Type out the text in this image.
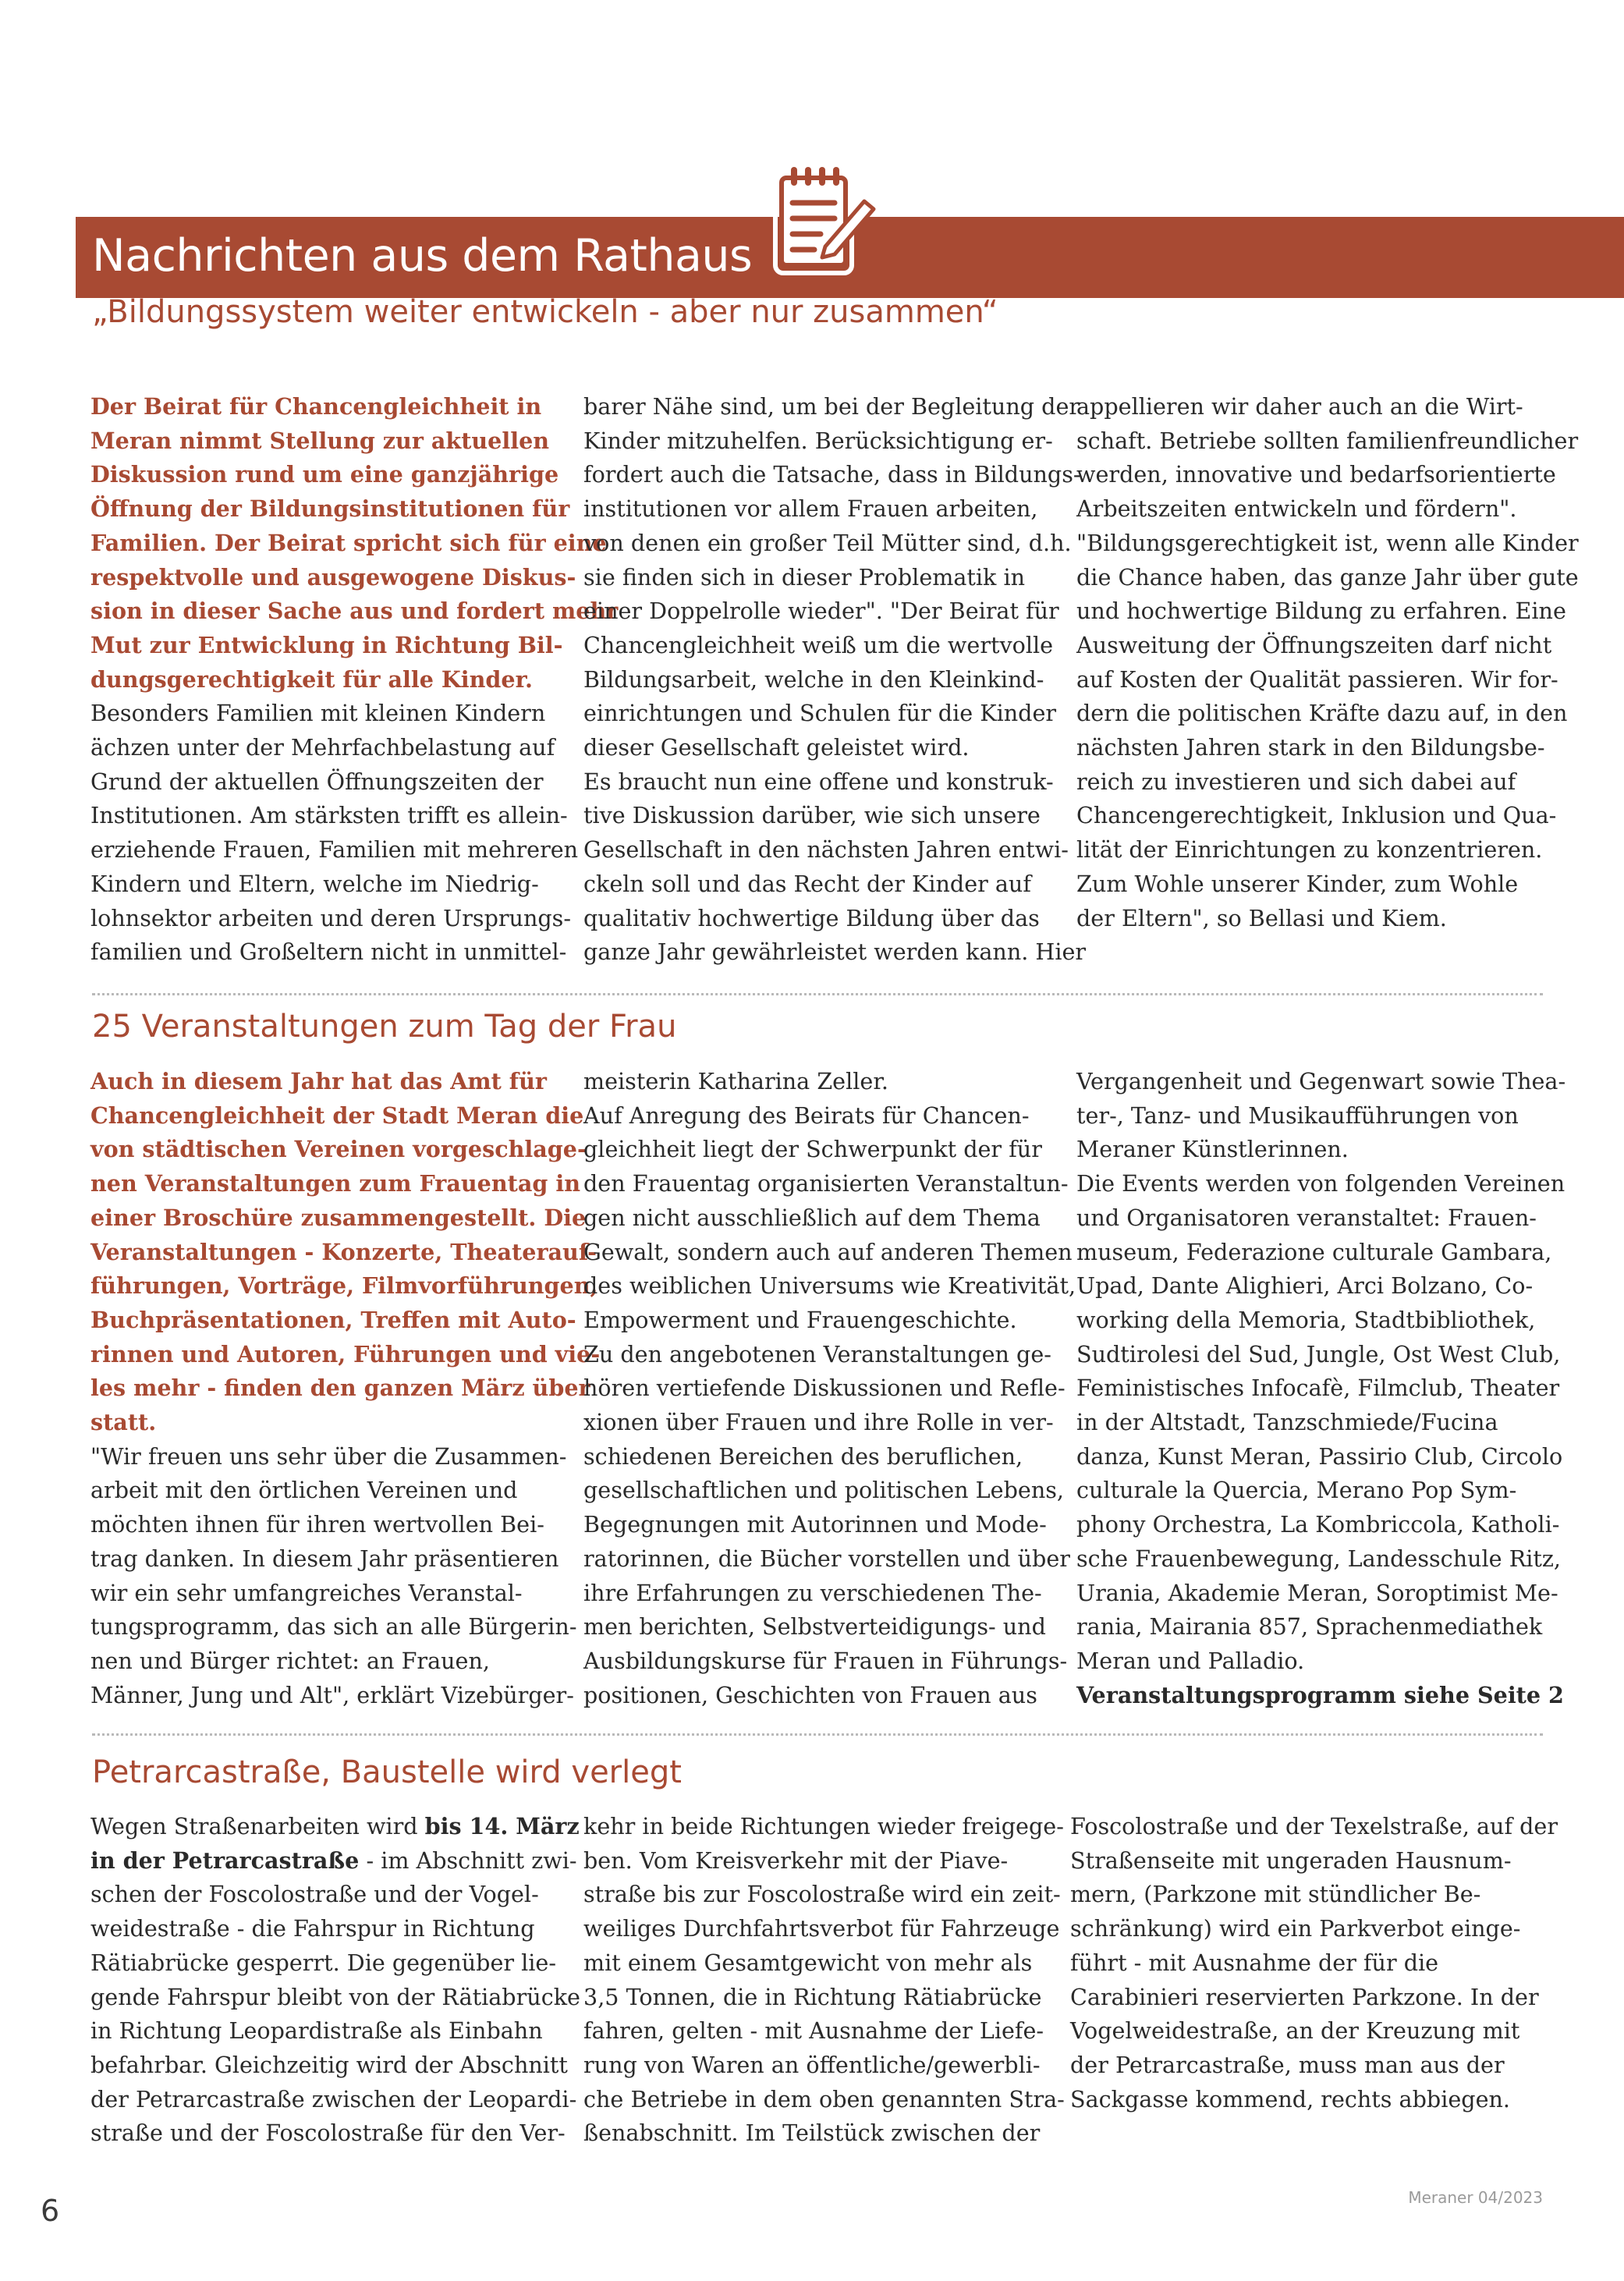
Nachrichten aus dem Rathaus
„Bildungssystem weiter entwickeln - aber nur zusammen“
Der Beirat für Chancengleichheit in
Meran nimmt Stellung zur aktuellen
Diskussion rund um eine ganzjährige
Öffnung der Bildungsinstitutionen für
Familien. Der Beirat spricht sich für eine
respektvolle und ausgewogene Diskus-
sion in dieser Sache aus und fordert mehr
Mut zur Entwicklung in Richtung Bil-
dungsgerechtigkeit für alle Kinder.
Besonders Familien mit kleinen Kindern
ächzen unter der Mehrfachbelastung auf
Grund der aktuellen Öffnungszeiten der
Institutionen. Am stärksten trifft es allein-
erziehende Frauen, Familien mit mehreren
Kindern und Eltern, welche im Niedrig-
lohnsektor arbeiten und deren Ursprungs-
familien und Großeltern nicht in unmittel-
barer Nähe sind, um bei der Begleitung der
Kinder mitzuhelfen. Berücksichtigung er-
fordert auch die Tatsache, dass in Bildungs-
institutionen vor allem Frauen arbeiten,
von denen ein großer Teil Mütter sind, d.h.
sie finden sich in dieser Problematik in
einer Doppelrolle wieder". "Der Beirat für
Chancengleichheit weiß um die wertvolle
Bildungsarbeit, welche in den Kleinkind-
einrichtungen und Schulen für die Kinder
dieser Gesellschaft geleistet wird.
Es braucht nun eine offene und konstruk-
tive Diskussion darüber, wie sich unsere
Gesellschaft in den nächsten Jahren entwi-
ckeln soll und das Recht der Kinder auf
qualitativ hochwertige Bildung über das
ganze Jahr gewährleistet werden kann. Hier
appellieren wir daher auch an die Wirt-
schaft. Betriebe sollten familienfreundlicher
werden, innovative und bedarfsorientierte
Arbeitszeiten entwickeln und fördern".
"Bildungsgerechtigkeit ist, wenn alle Kinder
die Chance haben, das ganze Jahr über gute
und hochwertige Bildung zu erfahren. Eine
Ausweitung der Öffnungszeiten darf nicht
auf Kosten der Qualität passieren. Wir for-
dern die politischen Kräfte dazu auf, in den
nächsten Jahren stark in den Bildungsbe-
reich zu investieren und sich dabei auf
Chancengerechtigkeit, Inklusion und Qua-
lität der Einrichtungen zu konzentrieren.
Zum Wohle unserer Kinder, zum Wohle
der Eltern", so Bellasi und Kiem.
25 Veranstaltungen zum Tag der Frau
Auch in diesem Jahr hat das Amt für
Chancengleichheit der Stadt Meran die
von städtischen Vereinen vorgeschlage-
nen Veranstaltungen zum Frauentag in
einer Broschüre zusammengestellt. Die
Veranstaltungen - Konzerte, Theaterauf-
führungen, Vorträge, Filmvorführungen,
Buchpräsentationen, Treffen mit Auto-
rinnen und Autoren, Führungen und vie-
les mehr - finden den ganzen März über
statt.
"Wir freuen uns sehr über die Zusammen-
arbeit mit den örtlichen Vereinen und
möchten ihnen für ihren wertvollen Bei-
trag danken. In diesem Jahr präsentieren
wir ein sehr umfangreiches Veranstal-
tungsprogramm, das sich an alle Bürgerin-
nen und Bürger richtet: an Frauen,
Männer, Jung und Alt", erklärt Vizebürger-
meisterin Katharina Zeller.
Auf Anregung des Beirats für Chancen-
gleichheit liegt der Schwerpunkt der für
den Frauentag organisierten Veranstaltun-
gen nicht ausschließlich auf dem Thema
Gewalt, sondern auch auf anderen Themen
des weiblichen Universums wie Kreativität,
Empowerment und Frauengeschichte.
Zu den angebotenen Veranstaltungen ge-
hören vertiefende Diskussionen und Refle-
xionen über Frauen und ihre Rolle in ver-
schiedenen Bereichen des beruflichen,
gesellschaftlichen und politischen Lebens,
Begegnungen mit Autorinnen und Mode-
ratorinnen, die Bücher vorstellen und über
ihre Erfahrungen zu verschiedenen The-
men berichten, Selbstverteidigungs- und
Ausbildungskurse für Frauen in Führungs-
positionen, Geschichten von Frauen aus
Vergangenheit und Gegenwart sowie Thea-
ter-, Tanz- und Musikaufführungen von
Meraner Künstlerinnen.
Die Events werden von folgenden Vereinen
und Organisatoren veranstaltet: Frauen-
museum, Federazione culturale Gambara,
Upad, Dante Alighieri, Arci Bolzano, Co-
working della Memoria, Stadtbibliothek,
Sudtirolesi del Sud, Jungle, Ost West Club,
Feministisches Infocafè, Filmclub, Theater
in der Altstadt, Tanzschmiede/Fucina
danza, Kunst Meran, Passirio Club, Circolo
culturale la Quercia, Merano Pop Sym-
phony Orchestra, La Kombriccola, Katholi-
sche Frauenbewegung, Landesschule Ritz,
Urania, Akademie Meran, Soroptimist Me-
rania, Mairania 857, Sprachenmediathek
Meran und Palladio.
Veranstaltungsprogramm siehe Seite 2
Petrarcastraße, Baustelle wird verlegt
Wegen Straßenarbeiten wird bis 14. März
in der Petrarcastraße - im Abschnitt zwi-
schen der Foscolostraße und der Vogel-
weidestraße - die Fahrspur in Richtung
Rätiabrücke gesperrt. Die gegenüber lie-
gende Fahrspur bleibt von der Rätiabrücke
in Richtung Leopardistraße als Einbahn
befahrbar. Gleichzeitig wird der Abschnitt
der Petrarcastraße zwischen der Leopardi-
straße und der Foscolostraße für den Ver-
kehr in beide Richtungen wieder freigege-
ben. Vom Kreisverkehr mit der Piave-
straße bis zur Foscolostraße wird ein zeit-
weiliges Durchfahrtsverbot für Fahrzeuge
mit einem Gesamtgewicht von mehr als
3,5 Tonnen, die in Richtung Rätiabrücke
fahren, gelten - mit Ausnahme der Liefe-
rung von Waren an öffentliche/gewerbli-
che Betriebe in dem oben genannten Stra-
ßenabschnitt. Im Teilstück zwischen der
Foscolostraße und der Texelstraße, auf der
Straßenseite mit ungeraden Hausnum-
mern, (Parkzone mit stündlicher Be-
schränkung) wird ein Parkverbot einge-
führt - mit Ausnahme der für die
Carabinieri reservierten Parkzone. In der
Vogelweidestraße, an der Kreuzung mit
der Petrarcastraße, muss man aus der
Sackgasse kommend, rechts abbiegen.
6	Meraner 04/2023
